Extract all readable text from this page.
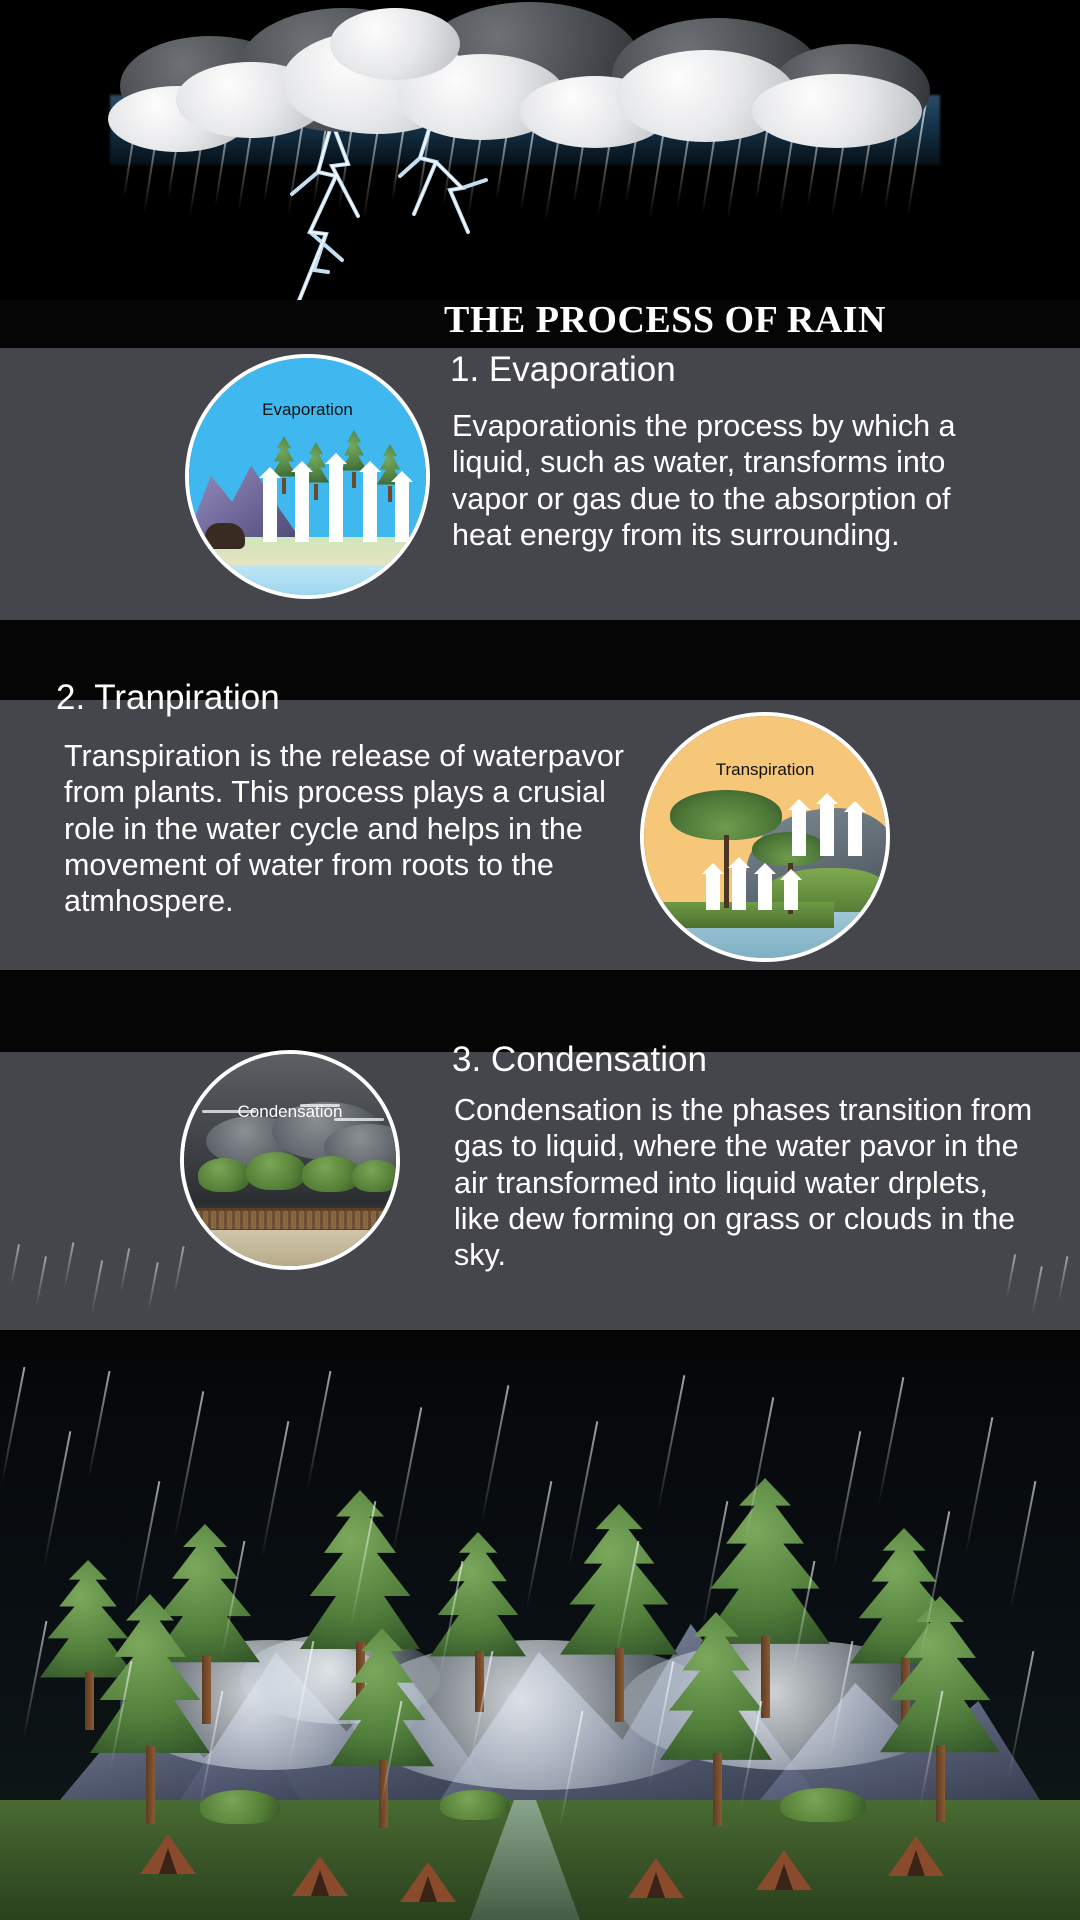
THE PROCESS OF RAIN
Evaporation
1. Evaporation
Evaporationis the process by which a liquid, such as water, transforms into vapor or gas due to the absorption of heat energy from its surrounding.
2. Tranpiration
Transpiration is the release of waterpavor from plants. This process plays a crusial role in the water cycle and helps in the movement of water from roots to the atmhospere.
Transpiration
Condensation
3. Condensation
Condensation is the phases transition from gas to liquid, where the water pavor in the air transformed into liquid water drplets, like dew forming on grass or clouds in the sky.
